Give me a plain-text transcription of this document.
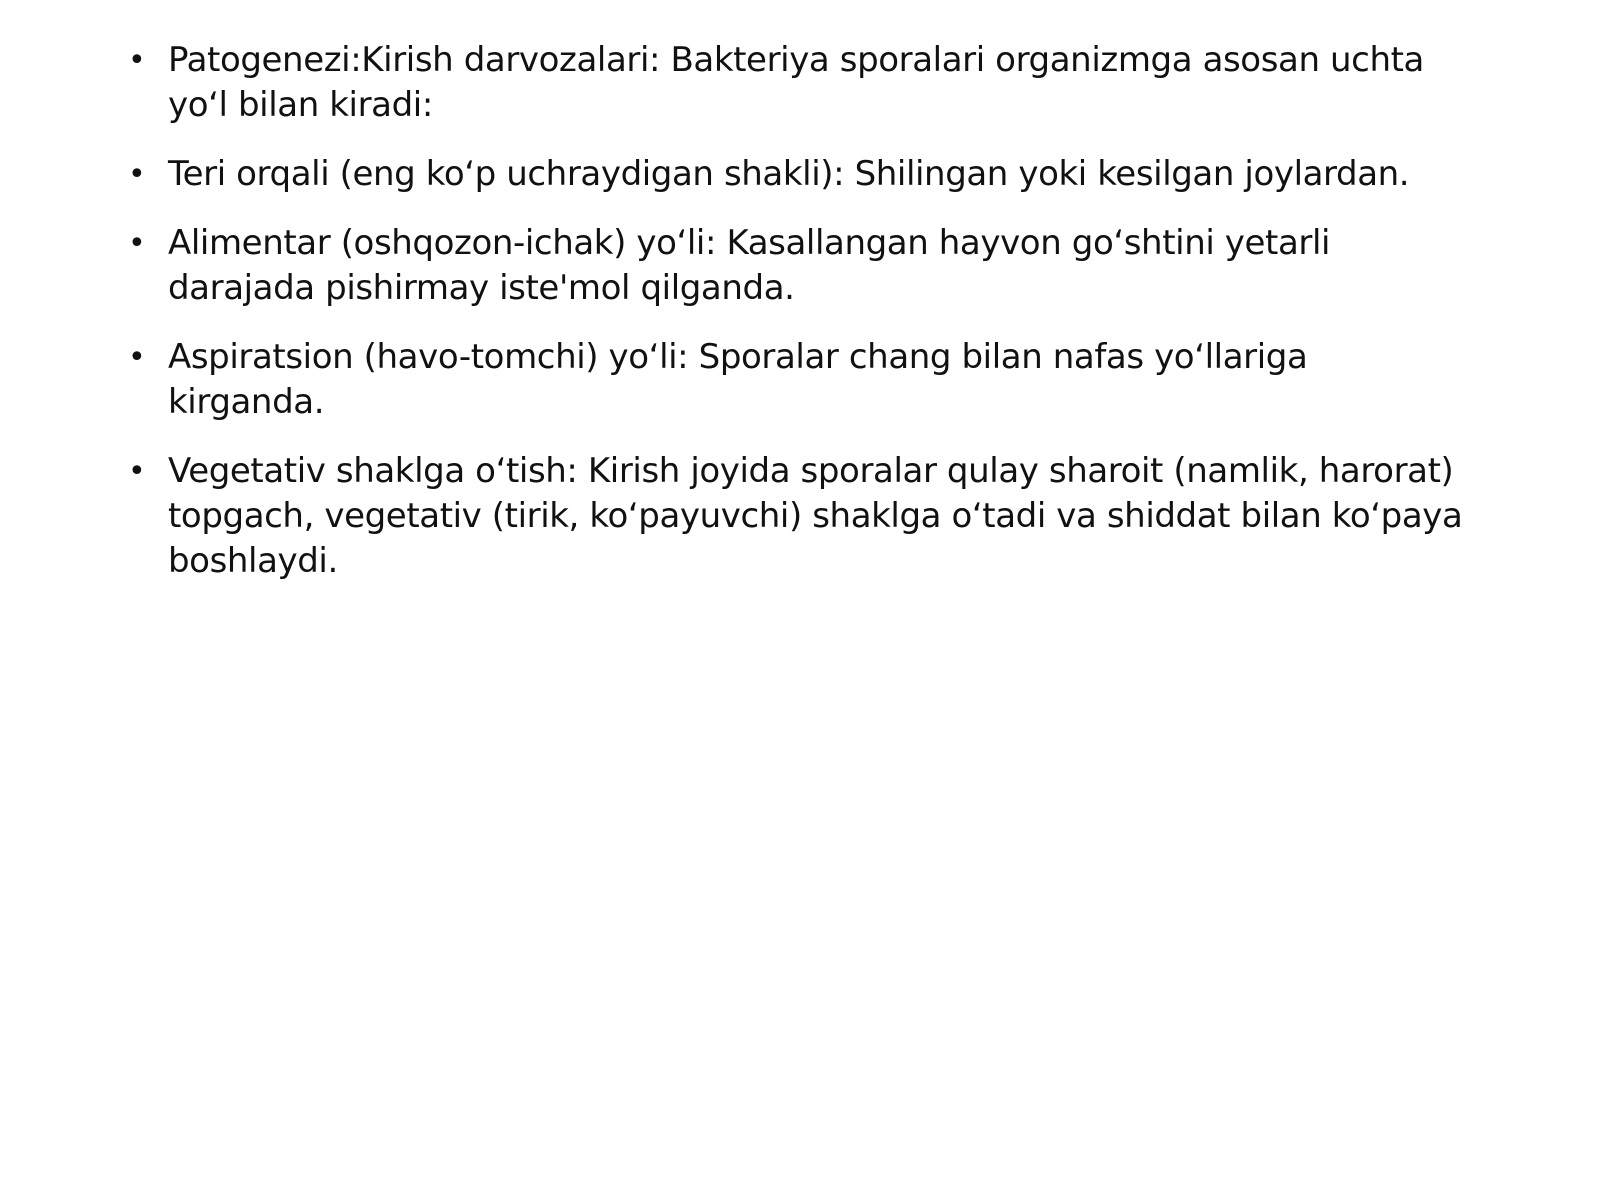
• Patogenezi:Kirish darvozalari: Bakteriya sporalari organizmga asosan uchta yo‘l bilan kiradi:
• Teri orqali (eng ko‘p uchraydigan shakli): Shilingan yoki kesilgan joylardan.
• Alimentar (oshqozon-ichak) yo‘li: Kasallangan hayvon go‘shtini yetarli darajada pishirmay iste'mol qilganda.
• Aspiratsion (havo-tomchi) yo‘li: Sporalar chang bilan nafas yo‘llariga kirganda.
• Vegetativ shaklga o‘tish: Kirish joyida sporalar qulay sharoit (namlik, harorat) topgach, vegetativ (tirik, ko‘payuvchi) shaklga o‘tadi va shiddat bilan ko‘paya boshlaydi.
